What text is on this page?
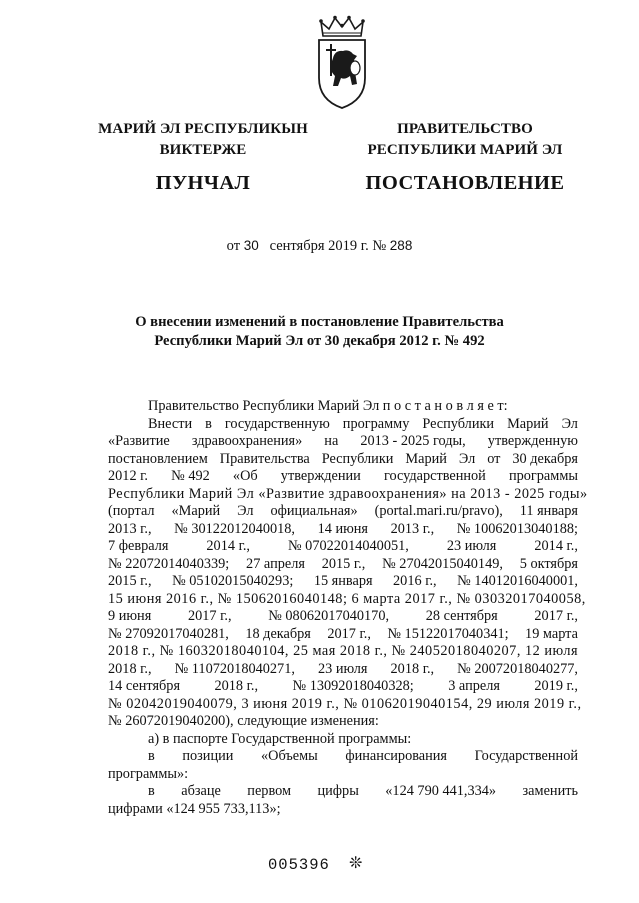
МАРИЙ ЭЛ РЕСПУБЛИКЫН
ВИКТЕРЖЕ
ПУНЧАЛ
ПРАВИТЕЛЬСТВО
РЕСПУБЛИКИ МАРИЙ ЭЛ
ПОСТАНОВЛЕНИЕ
от 30 сентября 2019 г. № 288
О внесении изменений в постановление Правительства
Республики Марий Эл от 30 декабря 2012 г. № 492
Правительство Республики Марий Эл п о с т а н о в л я е т:
Внести в государственную программу Республики Марий Эл
«Развитие здравоохранения» на 2013 - 2025 годы, утвержденную
постановлением Правительства Республики Марий Эл от 30 декабря
2012 г. № 492 «Об утверждении государственной программы
Республики Марий Эл «Развитие здравоохранения» на 2013 - 2025 годы»
(портал «Марий Эл официальная» (portal.mari.ru/pravo), 11 января
2013 г., № 30122012040018, 14 июня 2013 г., № 10062013040188;
7 февраля	2014 г.,	№ 07022014040051,	23 июля	2014 г.,
№ 22072014040339; 27 апреля 2015 г., № 27042015040149, 5 октября
2015 г., № 05102015040293; 15 января 2016 г., № 14012016040001,
15 июня 2016 г., № 15062016040148; 6 марта 2017 г., № 03032017040058,
9 июня	2017 г.,	№ 08062017040170,	28 сентября	2017 г.,
№ 27092017040281, 18 декабря 2017 г., № 15122017040341; 19 марта
2018 г., № 16032018040104, 25 мая 2018 г., № 24052018040207, 12 июля
2018 г., № 11072018040271, 23 июля 2018 г., № 20072018040277,
14 сентября 2018 г., № 13092018040328; 3 апреля 2019 г.,
№ 02042019040079, 3 июня 2019 г., № 01062019040154, 29 июля 2019 г.,
№ 26072019040200), следующие изменения:
а) в паспорте Государственной программы:
в позиции «Объемы финансирования Государственной
программы»:
в абзаце первом цифры «124 790 441,334» заменить
цифрами «124 955 733,113»;
005396 ❊
